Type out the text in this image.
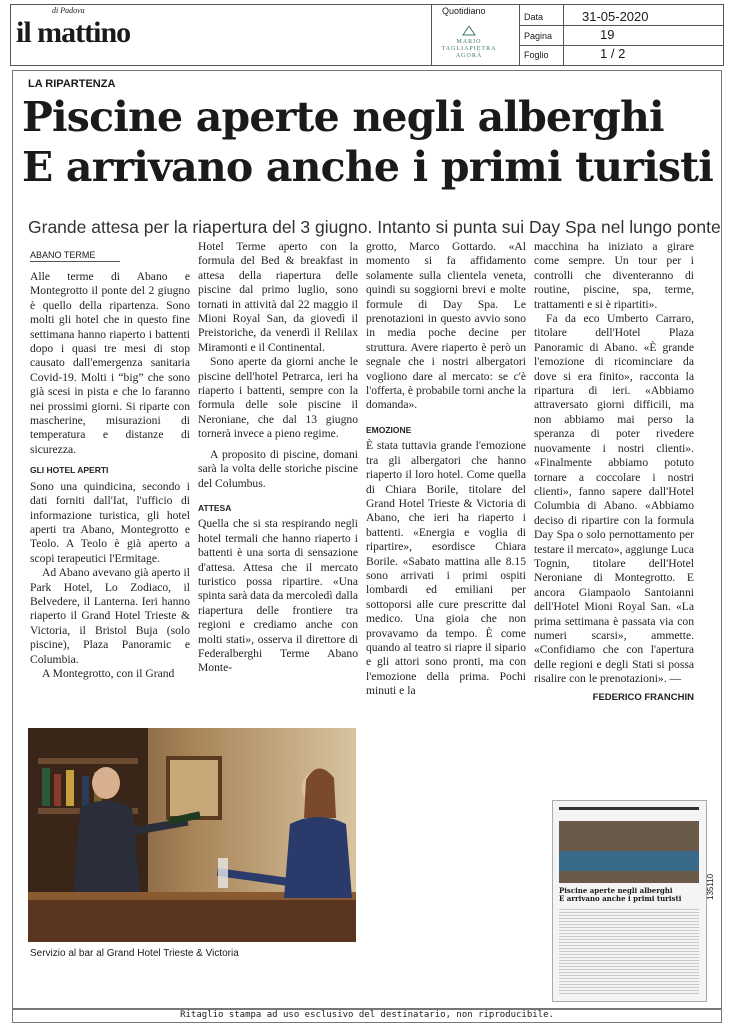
di Padova
il mattino
Quotidiano
MARIO
TAGLIAPIETRA
AGORÀ
Data	31-05-2020
Pagina	19
Foglio	1 / 2
LA RIPARTENZA
Piscine aperte negli alberghi
E arrivano anche i primi turisti
Grande attesa per la riapertura del 3 giugno. Intanto si punta sui Day Spa nel lungo ponte
ABANO TERME

Alle terme di Abano e Montegrotto il ponte del 2 giugno è quello della ripartenza. Sono molti gli hotel che in questo fine settimana hanno riaperto i battenti dopo i quasi tre mesi di stop causato dall'emergenza sanitaria Covid-19. Molti i “big” che sono già scesi in pista e che lo faranno nei prossimi giorni. Si riparte con mascherine, misurazioni di temperatura e distanze di sicurezza.

GLI HOTEL APERTI

Sono una quindicina, secondo i dati forniti dall'Iat, l'ufficio di informazione turistica, gli hotel aperti tra Abano, Montegrotto e Teolo. A Teolo è già aperto a scopi terapeutici l'Ermitage.

Ad Abano avevano già aperto il Park Hotel, Lo Zodiaco, il Belvedere, il Lanterna. Ieri hanno riaperto il Grand Hotel Trieste & Victoria, il Bristol Buja (solo piscine), Plaza Panoramic e Columbia.

A Montegrotto, con il Grand

Hotel Terme aperto con la formula del Bed & breakfast in attesa della riapertura delle piscine dal primo luglio, sono tornati in attività dal 22 maggio il Mioni Royal San, da giovedì il Preistoriche, da venerdì il Relilax Miramonti e il Continental.

Sono aperte da giorni anche le piscine dell'hotel Petrarca, ieri ha riaperto i battenti, sempre con la formula delle sole piscine il Neroniane, che dal 13 giugno tornerà invece a pieno regime.

A proposito di piscine, domani sarà la volta delle storiche piscine del Columbus.

ATTESA

Quella che si sta respirando negli hotel termali che hanno riaperto i battenti è una sorta di sensazione d'attesa. Attesa che il mercato turistico possa ripartire. «Una spinta sarà data da mercoledì dalla riapertura delle frontiere tra regioni e crediamo anche con molti stati», osserva il direttore di Federalberghi Terme Abano Monte-

grotto, Marco Gottardo. «Al momento si fa affidamento solamente sulla clientela veneta, quindi su soggiorni brevi e molte formule di Day Spa. Le prenotazioni in questo avvio sono in media poche decine per struttura. Avere riaperto è però un segnale che i nostri albergatori vogliono dare al mercato: se c'è l'offerta, è probabile torni anche la domanda».

EMOZIONE

È stata tuttavia grande l'emozione tra gli albergatori che hanno riaperto il loro hotel. Come quella di Chiara Borile, titolare del Grand Hotel Trieste & Victoria di Abano, che ieri ha riaperto i battenti. «Energia e voglia di ripartire», esordisce Chiara Borile. «Sabato mattina alle 8.15 sono arrivati i primi ospiti lombardi ed emiliani per sottoporsi alle cure prescritte dal medico. Una gioia che non provavamo da tempo. È come quando al teatro si riapre il sipario e gli attori sono pronti, ma con l'emozione della prima. Pochi minuti e la

macchina ha iniziato a girare come sempre. Un tour per i controlli che diventeranno di routine, piscine, spa, terme, trattamenti e si è ripartiti».

Fa da eco Umberto Carraro, titolare dell'Hotel Plaza Panoramic di Abano. «È grande l'emozione di ricominciare da dove si era finito», racconta la ripartura di ieri. «Abbiamo attraversato giorni difficili, ma non abbiamo mai perso la speranza di poter rivedere nuovamente i nostri clienti». «Finalmente abbiamo potuto tornare a coccolare i nostri clienti», fanno sapere dall'Hotel Columbia di Abano. «Abbiamo deciso di ripartire con la formula Day Spa o solo pernottamento per testare il mercato», aggiunge Luca Tognin, titolare dell'Hotel Neroniane di Montegrotto. E ancora Giampaolo Santoianni dell'Hotel Mioni Royal San. «La prima settimana è passata via con numeri scarsi», ammette. «Confidiamo che con l'apertura delle regioni e degli Stati si possa risalire con le prenotazioni». —

FEDERICO FRANCHIN
Servizio al bar al Grand Hotel Trieste & Victoria
Piscine aperte negli alberghi
E arrivano anche i primi turisti	135110
Ritaglio stampa ad uso esclusivo del destinatario, non riproducibile.
